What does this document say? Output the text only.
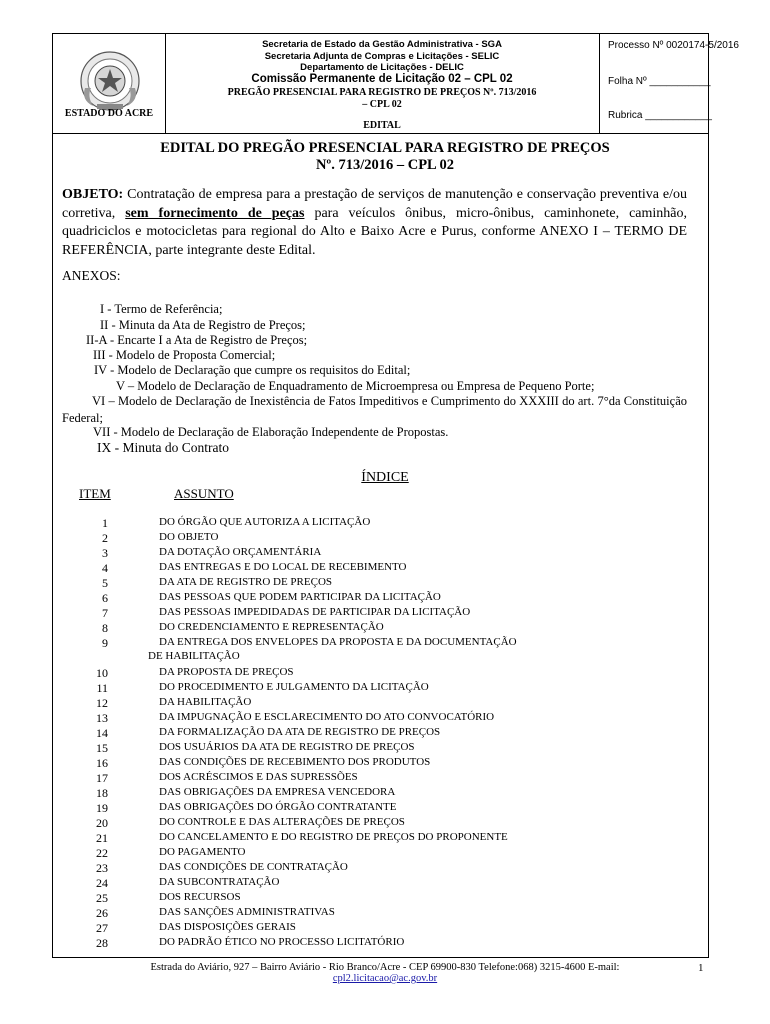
ESTADO DO ACRE
Secretaria de Estado da Gestão Administrativa - SGA
Secretaria Adjunta de Compras e Licitações - SELIC
Departamento de Licitações - DELIC
Comissão Permanente de Licitação 02 – CPL 02
PREGÃO PRESENCIAL PARA REGISTRO DE PREÇOS Nº. 713/2016
– CPL 02
EDITAL
Processo Nº 0020174-5/2016
Folha Nº ___________
Rubrica ____________
EDITAL DO PREGÃO PRESENCIAL PARA REGISTRO DE PREÇOS
Nº. 713/2016 – CPL 02
OBJETO: Contratação de empresa para a prestação de serviços de manutenção e conservação preventiva e/ou corretiva, sem fornecimento de peças para veículos ônibus, micro-ônibus, caminhonete, caminhão, quadriciclos e motocicletas para regional do Alto e Baixo Acre e Purus, conforme ANEXO I – TERMO DE REFERÊNCIA, parte integrante deste Edital.
ANEXOS:
I - Termo de Referência;
II - Minuta da Ata de Registro de Preços;
II-A - Encarte I a Ata de Registro de Preços;
III - Modelo de Proposta Comercial;
IV - Modelo de Declaração que cumpre os requisitos do Edital;
V – Modelo de Declaração de Enquadramento de Microempresa ou Empresa de Pequeno Porte;
VI – Modelo de Declaração de Inexistência de Fatos Impeditivos e Cumprimento do XXXIII do art. 7°da Constituição Federal;
VII - Modelo de Declaração de Elaboração Independente de Propostas.
IX - Minuta do Contrato
ÍNDICE
ITEM	ASSUNTO
1	DO ÓRGÃO QUE AUTORIZA A LICITAÇÃO
2	DO OBJETO
3	DA DOTAÇÃO ORÇAMENTÁRIA
4	DAS ENTREGAS E DO LOCAL DE RECEBIMENTO
5	DA ATA DE REGISTRO DE PREÇOS
6	DAS PESSOAS QUE PODEM PARTICIPAR DA LICITAÇÃO
7	DAS PESSOAS IMPEDIDADAS DE PARTICIPAR DA LICITAÇÃO
8	DO CREDENCIAMENTO E REPRESENTAÇÃO
9	DA ENTREGA DOS ENVELOPES DA PROPOSTA E DA DOCUMENTAÇÃO
DE HABILITAÇÃO
10	DA PROPOSTA DE PREÇOS
11	DO PROCEDIMENTO E JULGAMENTO DA LICITAÇÃO
12	DA HABILITAÇÃO
13	DA IMPUGNAÇÃO E ESCLARECIMENTO DO ATO CONVOCATÓRIO
14	DA FORMALIZAÇÃO DA ATA DE REGISTRO DE PREÇOS
15	DOS USUÁRIOS DA ATA DE REGISTRO DE PREÇOS
16	DAS CONDIÇÕES DE RECEBIMENTO DOS PRODUTOS
17	DOS ACRÉSCIMOS E DAS SUPRESSÕES
18	DAS OBRIGAÇÕES DA EMPRESA VENCEDORA
19	DAS OBRIGAÇÕES DO ÓRGÃO CONTRATANTE
20	DO CONTROLE E DAS ALTERAÇÕES DE PREÇOS
21	DO CANCELAMENTO E DO REGISTRO DE PREÇOS DO PROPONENTE
22	DO PAGAMENTO
23	DAS CONDIÇÕES DE CONTRATAÇÃO
24	DA SUBCONTRATAÇÃO
25	DOS RECURSOS
26	DAS SANÇÕES ADMINISTRATIVAS
27	DAS DISPOSIÇÕES GERAIS
28	DO PADRÃO ÉTICO NO PROCESSO LICITATÓRIO
Estrada do Aviário, 927 – Bairro Aviário - Rio Branco/Acre - CEP 69900-830 Telefone:068) 3215-4600 E-mail:
cpl2.licitacao@ac.gov.br
1
